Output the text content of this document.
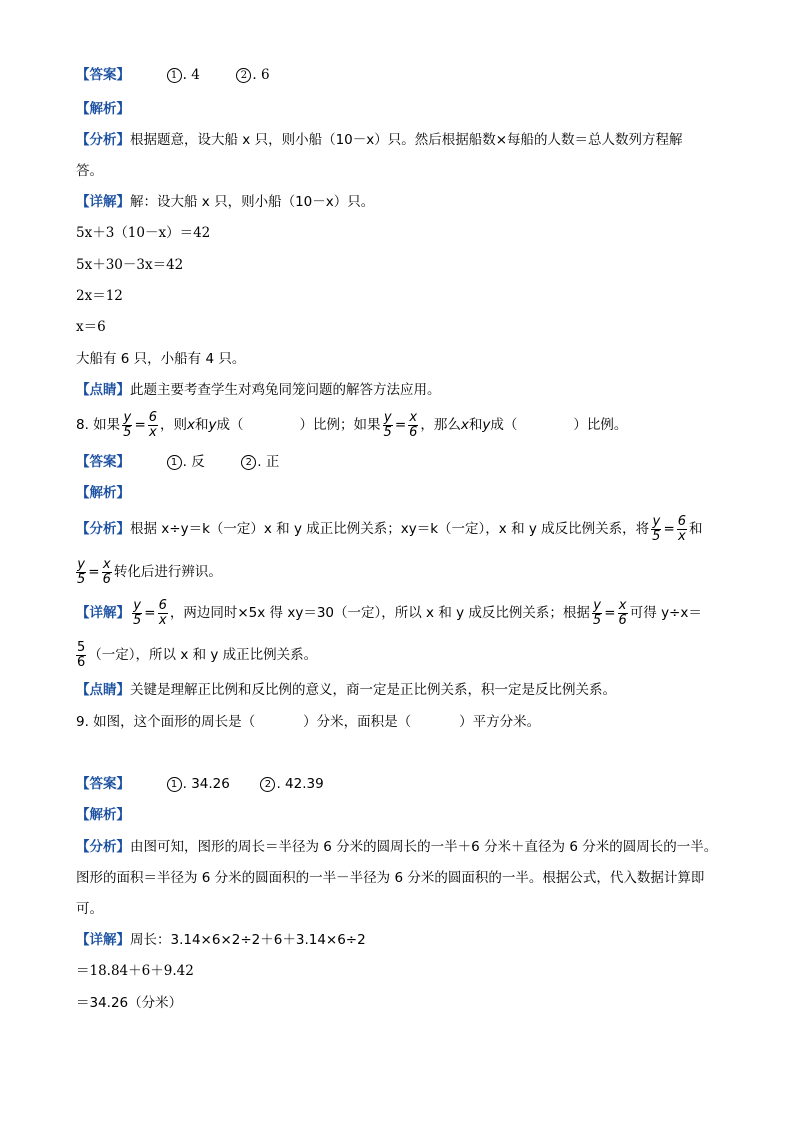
【答案】	1 . 4	2 . 6
【解析】
【分析】根据题意，设大船 x 只，则小船（10－x）只。然后根据船数×每船的人数＝总人数列方程解
答。
【详解】解：设大船 x 只，则小船（10－x）只。
5x＋3（10－x）＝42
5x＋30－3x＝42
2x＝12
x＝6
大船有 6 只，小船有 4 只。
【点睛】此题主要考查学生对鸡兔同笼问题的解答方法应用。
8. 如果 $\frac{y}{5} = \frac{6}{x}$ ，则x和y成（	）比例；如果 $\frac{y}{5} = \frac{x}{6}$ ，那么x和y成（	）比例。
【答案】	1 . 反	2 . 正
【解析】
【分析】根据 x÷y＝k（一定）x 和 y 成正比例关系；xy＝k（一定），x 和 y 成反比例关系，将 $\frac{y}{5} = \frac{6}{x}$ 和
$\frac{y}{5} = \frac{x}{6}$ 转化后进行辨识。
【详解】 $\frac{y}{5} = \frac{6}{x}$ ，两边同时×5x 得 xy＝30（一定），所以 x 和 y 成反比例关系；根据 $\frac{y}{5} = \frac{x}{6}$ 可得 y÷x＝
$\frac{5}{6}$ （一定），所以 x 和 y 成正比例关系。
【点睛】关键是理解正比例和反比例的意义，商一定是正比例关系，积一定是反比例关系。
9. 如图，这个面形的周长是（	）分米，面积是（	）平方分米。
【答案】	1 . 34.26	2 . 42.39
【解析】
【分析】由图可知，图形的周长＝半径为 6 分米的圆周长的一半＋6 分米＋直径为 6 分米的圆周长的一半。
图形的面积＝半径为 6 分米的圆面积的一半－半径为 6 分米的圆面积的一半。根据公式，代入数据计算即
可。
【详解】周长：3.14×6×2÷2＋6＋3.14×6÷2
＝18.84＋6＋9.42
＝34.26（分米）
